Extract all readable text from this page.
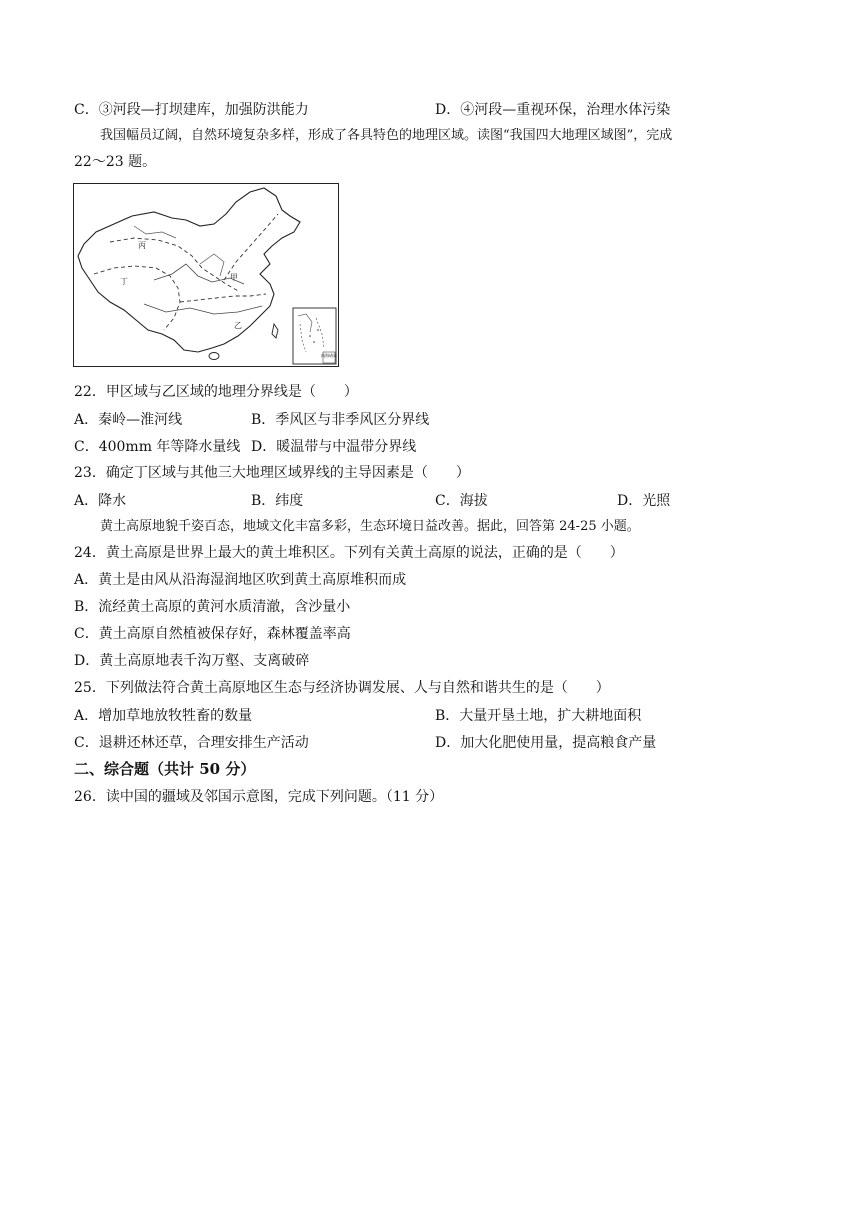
C．③河段—打坝建库，加强防洪能力	D．④河段—重视环保，治理水体污染
我国幅员辽阔，自然环境复杂多样，形成了各具特色的地理区域。读图“我国四大地理区域图”，完成
22～23 题。
丙
甲
丁
乙
南海诸岛
22．甲区域与乙区域的地理分界线是（　　）
A．秦岭—淮河线	B．季风区与非季风区分界线
C．400mm 年等降水量线 D．暖温带与中温带分界线
23．确定丁区域与其他三大地理区域界线的主导因素是（　　）
A．降水	B．纬度	C．海拔	D．光照
黄土高原地貌千姿百态，地域文化丰富多彩，生态环境日益改善。据此，回答第 24-25 小题。
24．黄土高原是世界上最大的黄土堆积区。下列有关黄土高原的说法，正确的是（　　）
A．黄土是由风从沿海湿润地区吹到黄土高原堆积而成
B．流经黄土高原的黄河水质清澈，含沙量小
C．黄土高原自然植被保存好，森林覆盖率高
D．黄土高原地表千沟万壑、支离破碎
25．下列做法符合黄土高原地区生态与经济协调发展、人与自然和谐共生的是（　　）
A．增加草地放牧牲畜的数量	B．大量开垦土地，扩大耕地面积
C．退耕还林还草，合理安排生产活动	D．加大化肥使用量，提高粮食产量
二、综合题（共计 50 分）
26．读中国的疆域及邻国示意图，完成下列问题。（11 分）
